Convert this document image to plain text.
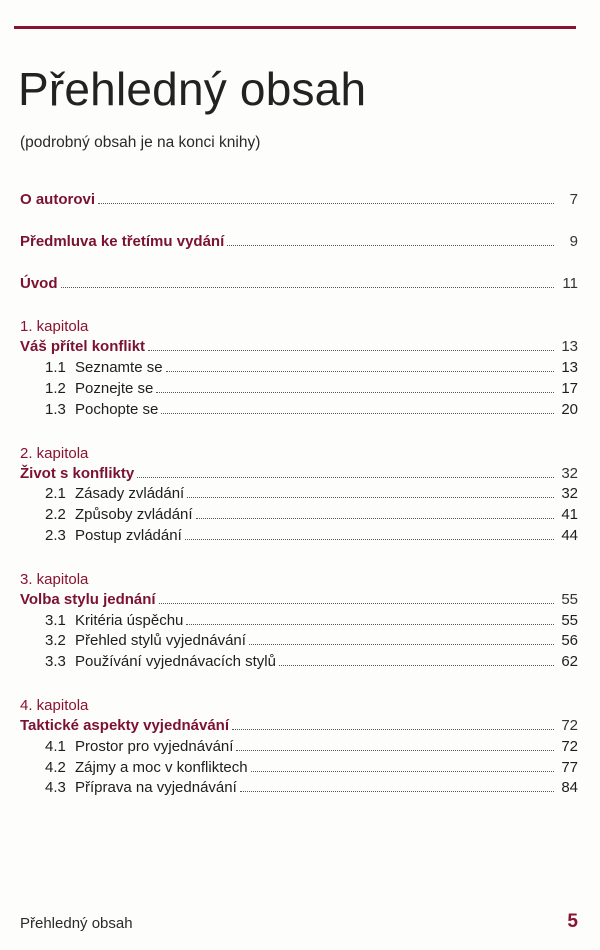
Přehledný obsah
(podrobný obsah je na konci knihy)
O autorovi	7
Předmluva ke třetímu vydání	9
Úvod	11
1. kapitola
Váš přítel konflikt	13
1.1 Seznamte se	13
1.2 Poznejte se	17
1.3 Pochopte se	20
2. kapitola
Život s konflikty	32
2.1 Zásady zvládání	32
2.2 Způsoby zvládání	41
2.3 Postup zvládání	44
3. kapitola
Volba stylu jednání	55
3.1 Kritéria úspěchu	55
3.2 Přehled stylů vyjednávání	56
3.3 Používání vyjednávacích stylů	62
4. kapitola
Taktické aspekty vyjednávání	72
4.1 Prostor pro vyjednávání	72
4.2 Zájmy a moc v konfliktech	77
4.3 Příprava na vyjednávání	84
Přehledný obsah	5
